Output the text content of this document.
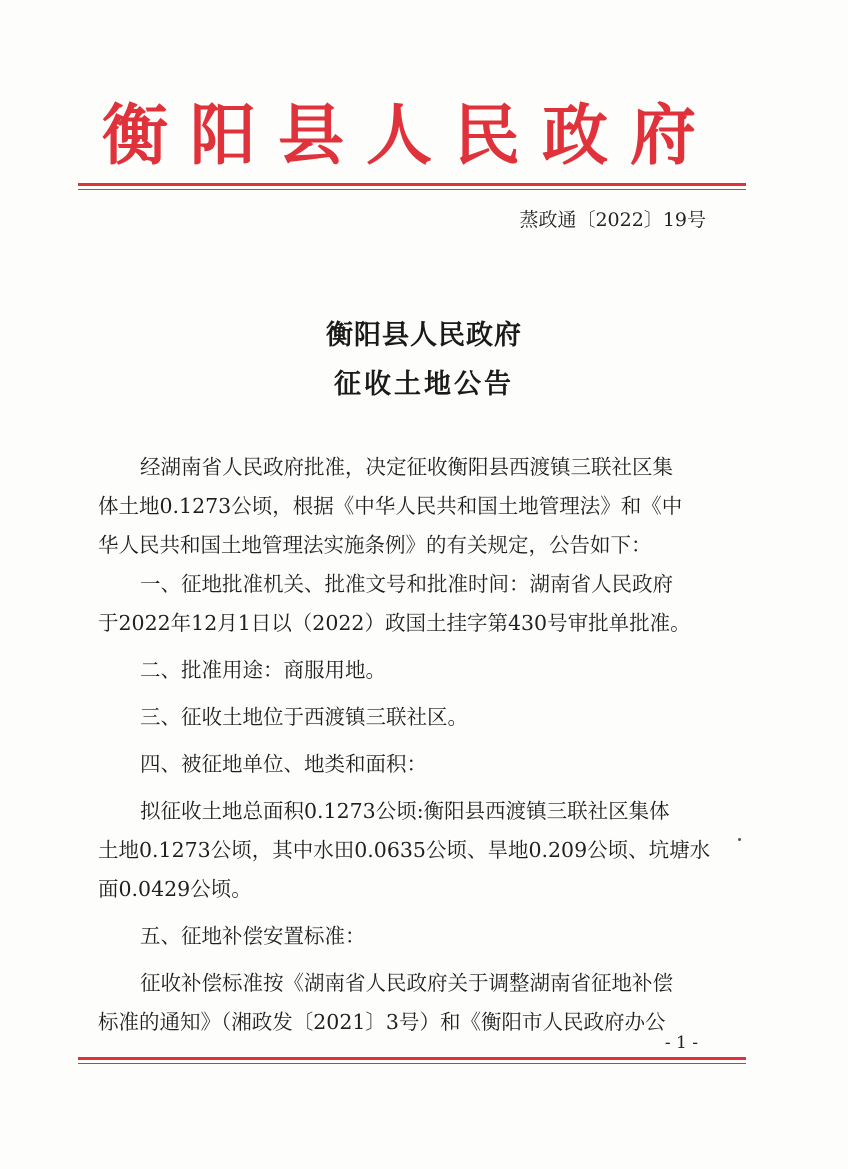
衡阳县人民政府
蒸政通〔2022〕19号
衡阳县人民政府
征收土地公告
经湖南省人民政府批准，决定征收衡阳县西渡镇三联社区集
体土地0.1273公顷，根据《中华人民共和国土地管理法》和《中
华人民共和国土地管理法实施条例》的有关规定，公告如下：
一、征地批准机关、批准文号和批准时间：湖南省人民政府
于2022年12月1日以（2022）政国土挂字第430号审批单批准。
二、批准用途：商服用地。
三、征收土地位于西渡镇三联社区。
四、被征地单位、地类和面积：
拟征收土地总面积0.1273公顷:衡阳县西渡镇三联社区集体
土地0.1273公顷，其中水田0.0635公顷、旱地0.209公顷、坑塘水
面0.0429公顷。
五、征地补偿安置标准：
征收补偿标准按《湖南省人民政府关于调整湖南省征地补偿
标准的通知》（湘政发〔2021〕3号）和《衡阳市人民政府办公
- 1 -
